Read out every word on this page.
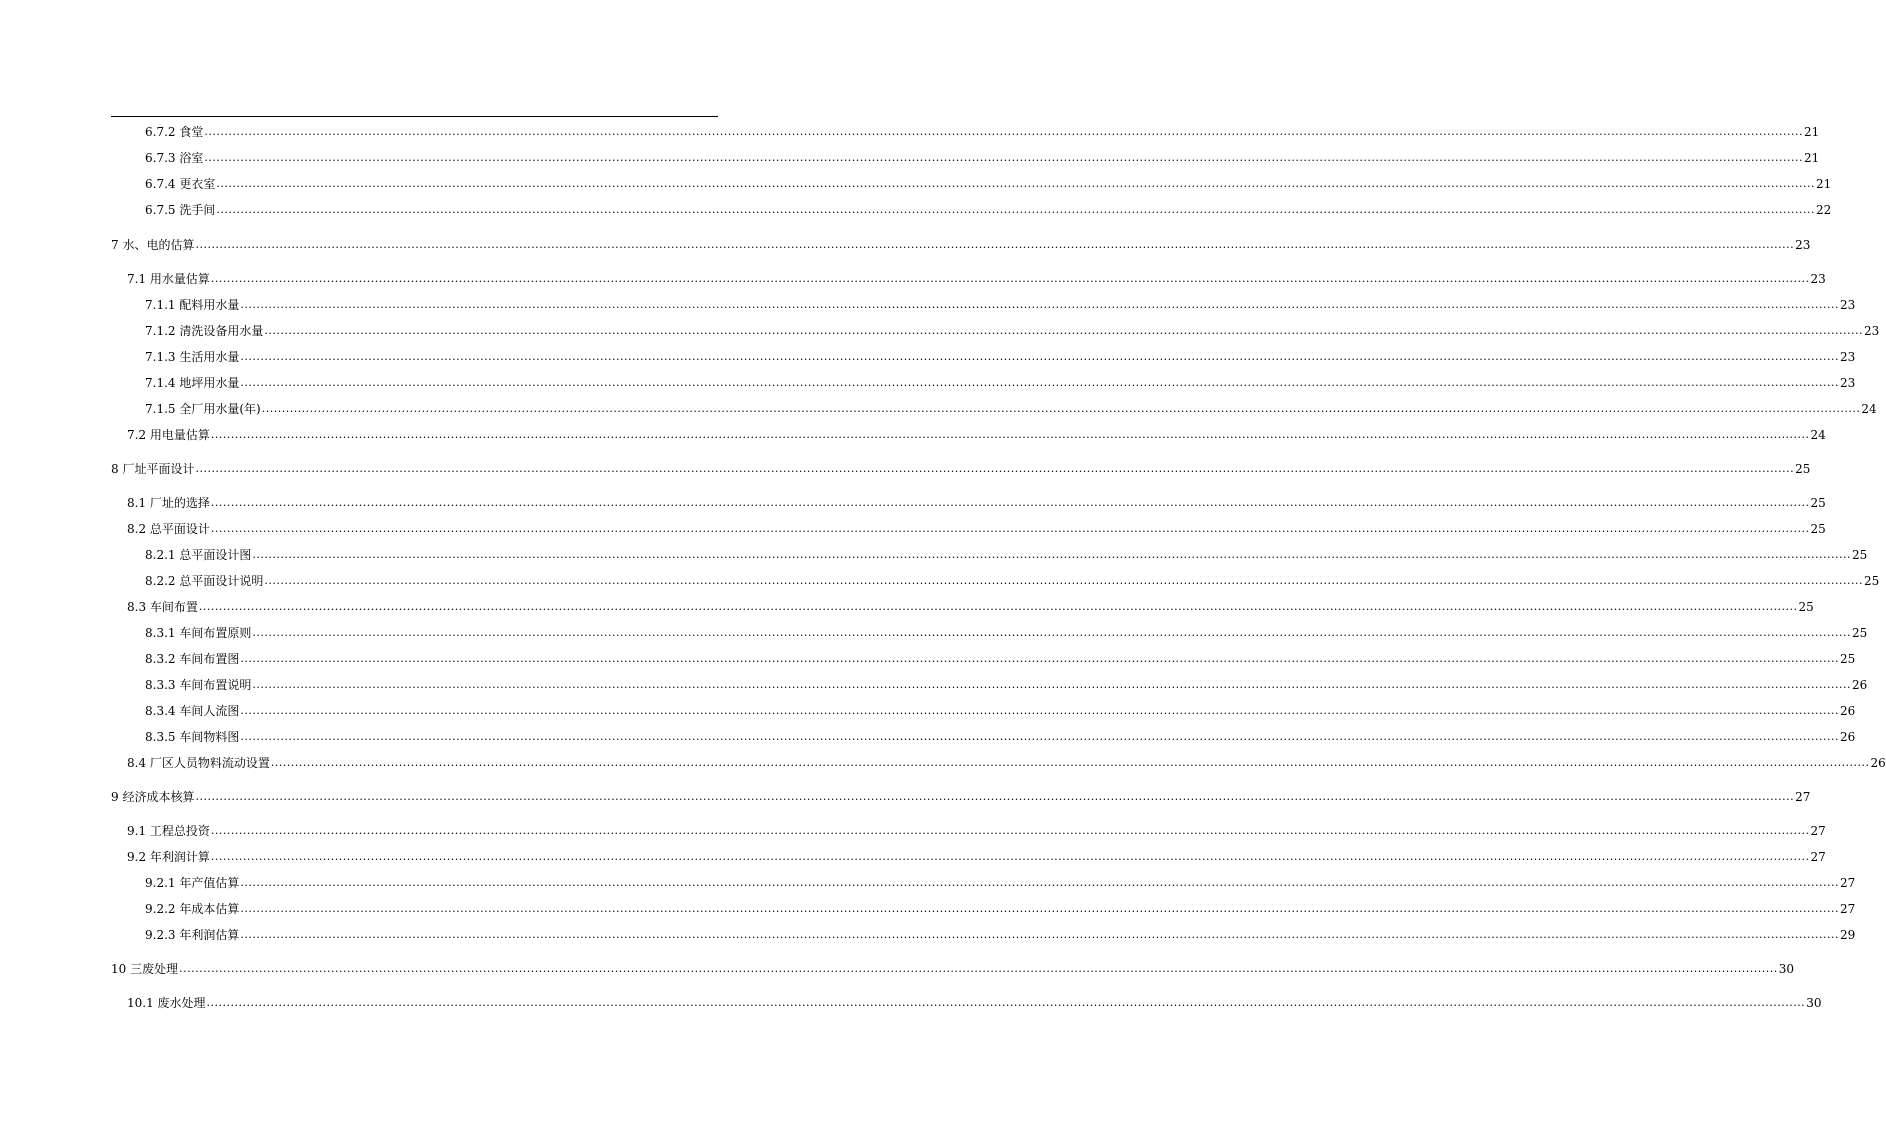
6.7.2 食堂 ................................................................................................................................................................................................................................................................................................................................................................................................................ 21
6.7.3 浴室 ................................................................................................................................................................................................................................................................................................................................................................................................................ 21
6.7.4 更衣室 ................................................................................................................................................................................................................................................................................................................................................................................................................ 21
6.7.5 洗手间 ................................................................................................................................................................................................................................................................................................................................................................................................................ 22
7 水、电的估算 ................................................................................................................................................................................................................................................................................................................................................................................................................ 23
7.1 用水量估算 ................................................................................................................................................................................................................................................................................................................................................................................................................ 23
7.1.1 配料用水量 ................................................................................................................................................................................................................................................................................................................................................................................................................ 23
7.1.2 清洗设备用水量 ................................................................................................................................................................................................................................................................................................................................................................................................................ 23
7.1.3 生活用水量 ................................................................................................................................................................................................................................................................................................................................................................................................................ 23
7.1.4 地坪用水量 ................................................................................................................................................................................................................................................................................................................................................................................................................ 23
7.1.5 全厂用水量(年) ................................................................................................................................................................................................................................................................................................................................................................................................................ 24
7.2 用电量估算 ................................................................................................................................................................................................................................................................................................................................................................................................................ 24
8 厂址平面设计 ................................................................................................................................................................................................................................................................................................................................................................................................................ 25
8.1 厂址的选择 ................................................................................................................................................................................................................................................................................................................................................................................................................ 25
8.2 总平面设计 ................................................................................................................................................................................................................................................................................................................................................................................................................ 25
8.2.1 总平面设计图 ................................................................................................................................................................................................................................................................................................................................................................................................................ 25
8.2.2 总平面设计说明 ................................................................................................................................................................................................................................................................................................................................................................................................................ 25
8.3 车间布置 ................................................................................................................................................................................................................................................................................................................................................................................................................ 25
8.3.1 车间布置原则 ................................................................................................................................................................................................................................................................................................................................................................................................................ 25
8.3.2 车间布置图 ................................................................................................................................................................................................................................................................................................................................................................................................................ 25
8.3.3 车间布置说明 ................................................................................................................................................................................................................................................................................................................................................................................................................ 26
8.3.4 车间人流图 ................................................................................................................................................................................................................................................................................................................................................................................................................ 26
8.3.5 车间物料图 ................................................................................................................................................................................................................................................................................................................................................................................................................ 26
8.4 厂区人员物料流动设置 ................................................................................................................................................................................................................................................................................................................................................................................................................ 26
9 经济成本核算 ................................................................................................................................................................................................................................................................................................................................................................................................................ 27
9.1 工程总投资 ................................................................................................................................................................................................................................................................................................................................................................................................................ 27
9.2 年利润计算 ................................................................................................................................................................................................................................................................................................................................................................................................................ 27
9.2.1 年产值估算 ................................................................................................................................................................................................................................................................................................................................................................................................................ 27
9.2.2 年成本估算 ................................................................................................................................................................................................................................................................................................................................................................................................................ 27
9.2.3 年利润估算 ................................................................................................................................................................................................................................................................................................................................................................................................................ 29
10 三废处理 ................................................................................................................................................................................................................................................................................................................................................................................................................ 30
10.1 废水处理 ................................................................................................................................................................................................................................................................................................................................................................................................................ 30
